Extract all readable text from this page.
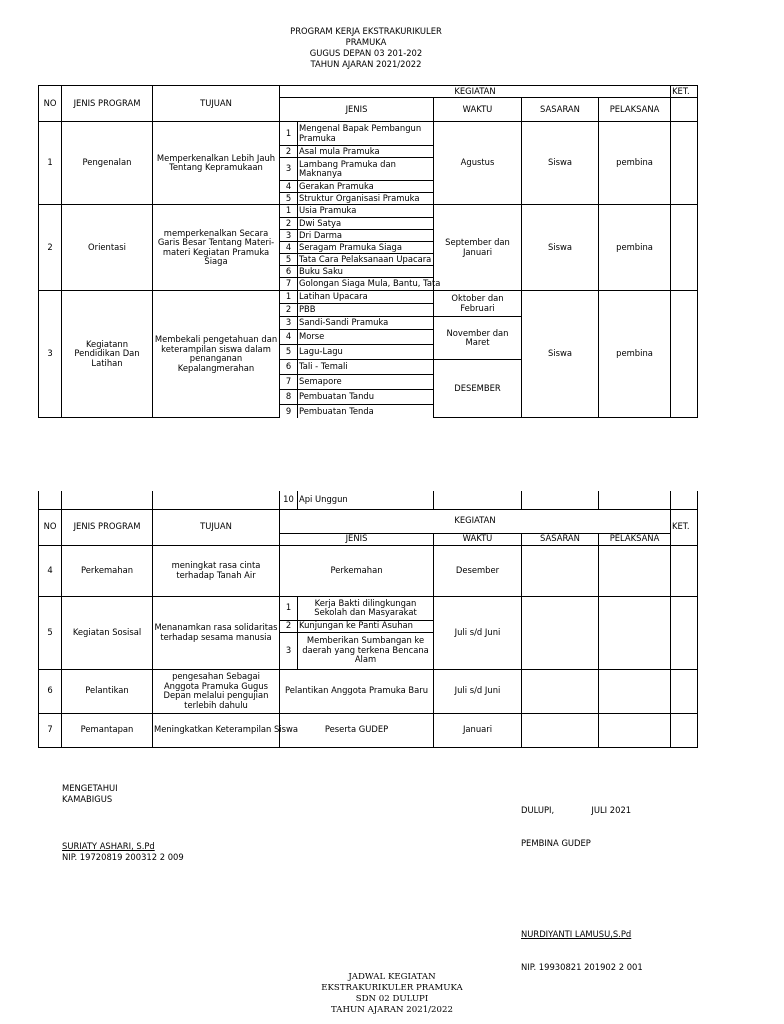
PROGRAM KERJA EKSTRAKURIKULER
PRAMUKA
GUGUS DEPAN 03 201-202
TAHUN AJARAN 2021/2022
NO	JENIS PROGRAM	TUJUAN	KEGIATAN					KET.
			JENIS		WAKTU	SASARAN	PELAKSANA	
1	Pengenalan	Memperkenalkan Lebih Jauh Tentang Kepramukaan	1	Mengenal Bapak Pembangun Pramuka	Agustus	Siswa	pembina	
			2	Asal mula Pramuka				
			3	Lambang Pramuka dan Maknanya				
			4	Gerakan Pramuka				
			5	Struktur Organisasi Pramuka				
2	Orientasi	memperkenalkan Secara Garis Besar Tentang Materi-materi Kegiatan Pramuka Siaga	1	Usia Pramuka	September dan Januari	Siswa	pembina	
			2	Dwi Satya				
			3	Dri Darma				
			4	Seragam Pramuka Siaga				
			5	Tata Cara Pelaksanaan Upacara				
			6	Buku Saku				
			7	Golongan Siaga Mula, Bantu, Tata				
3	Kegiatann Pendidikan Dan Latihan	Membekali pengetahuan dan keterampilan siswa dalam penanganan Kepalangmerahan	1	Latihan Upacara	Oktober dan Februari	Siswa	pembina	
			2	PBB				
			3	Sandi-Sandi Pramuka	November dan Maret			
			4	Morse				
			5	Lagu-Lagu				
			6	Tali - Temali	DESEMBER			
			7	Semapore				
			8	Pembuatan Tandu				
			9	Pembuatan Tenda				
			10	Api Unggun				
NO	JENIS PROGRAM	TUJUAN	KEGIATAN					KET.
			JENIS		WAKTU	SASARAN	PELAKSANA	
4	Perkemahan	meningkat rasa cinta terhadap Tanah Air	Perkemahan		Desember			
5	Kegiatan Sosisal	Menanamkan rasa solidaritas terhadap sesama manusia	1	Kerja Bakti dilingkungan Sekolah dan Masyarakat	Juli s/d Juni			
			2	Kunjungan ke Panti Asuhan				
			3	Memberikan Sumbangan ke daerah yang terkena Bencana Alam				
6	Pelantikan	pengesahan Sebagai Anggota Pramuka Gugus Depan melalui pengujian terlebih dahulu	Pelantikan Anggota Pramuka Baru		Juli s/d Juni			
7	Pemantapan	Meningkatkan Keterampilan Siswa	Peserta GUDEP		Januari			
MENGETAHUI
KAMABIGUS
SURIATY ASHARI, S.Pd
NIP. 19720819 200312 2 009

DULUPI,              JULI 2021

PEMBINA GUDEP

NURDIYANTI LAMUSU,S.Pd

NIP. 19930821 201902 2 001

JADWAL KEGIATAN
EKSTRAKURIKULER PRAMUKA
SDN 02 DULUPI
TAHUN AJARAN 2021/2022
